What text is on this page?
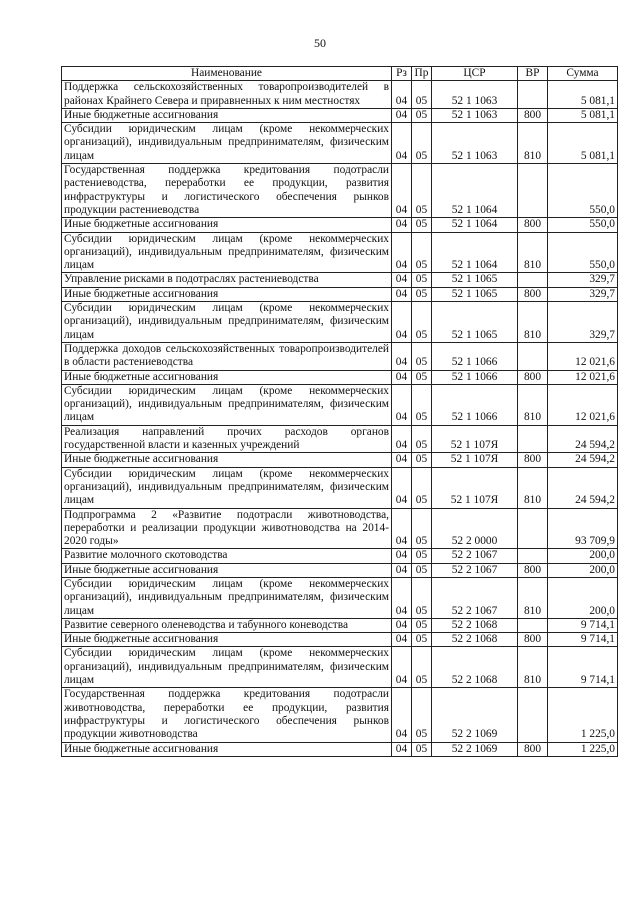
50
Наименование	Рз	Пр	ЦСР	ВР	Сумма
Поддержка сельскохозяйственных товаропроизводителей в районах Крайнего Севера и приравненных к ним местностях	04	05	52 1 1063		5 081,1
Иные бюджетные ассигнования	04	05	52 1 1063	800	5 081,1
Субсидии юридическим лицам (кроме некоммерческих организаций), индивидуальным предпринимателям, физическим лицам	04	05	52 1 1063	810	5 081,1
Государственная поддержка кредитования подотрасли растениеводства, переработки ее продукции, развития инфраструктуры и логистического обеспечения рынков продукции растениеводства	04	05	52 1 1064		550,0
Иные бюджетные ассигнования	04	05	52 1 1064	800	550,0
Субсидии юридическим лицам (кроме некоммерческих организаций), индивидуальным предпринимателям, физическим лицам	04	05	52 1 1064	810	550,0
Управление рисками в подотраслях растениеводства	04	05	52 1 1065		329,7
Иные бюджетные ассигнования	04	05	52 1 1065	800	329,7
Субсидии юридическим лицам (кроме некоммерческих организаций), индивидуальным предпринимателям, физическим лицам	04	05	52 1 1065	810	329,7
Поддержка доходов сельскохозяйственных товаропроизводителей в области растениеводства	04	05	52 1 1066		12 021,6
Иные бюджетные ассигнования	04	05	52 1 1066	800	12 021,6
Субсидии юридическим лицам (кроме некоммерческих организаций), индивидуальным предпринимателям, физическим лицам	04	05	52 1 1066	810	12 021,6
Реализация направлений прочих расходов органов государственной власти и казенных учреждений	04	05	52 1 107Я		24 594,2
Иные бюджетные ассигнования	04	05	52 1 107Я	800	24 594,2
Субсидии юридическим лицам (кроме некоммерческих организаций), индивидуальным предпринимателям, физическим лицам	04	05	52 1 107Я	810	24 594,2
Подпрограмма 2 «Развитие подотрасли животноводства, переработки и реализации продукции животноводства на 2014-2020 годы»	04	05	52 2 0000		93 709,9
Развитие молочного скотоводства	04	05	52 2 1067		200,0
Иные бюджетные ассигнования	04	05	52 2 1067	800	200,0
Субсидии юридическим лицам (кроме некоммерческих организаций), индивидуальным предпринимателям, физическим лицам	04	05	52 2 1067	810	200,0
Развитие северного оленеводства и табунного коневодства	04	05	52 2 1068		9 714,1
Иные бюджетные ассигнования	04	05	52 2 1068	800	9 714,1
Субсидии юридическим лицам (кроме некоммерческих организаций), индивидуальным предпринимателям, физическим лицам	04	05	52 2 1068	810	9 714,1
Государственная поддержка кредитования подотрасли животноводства, переработки ее продукции, развития инфраструктуры и логистического обеспечения рынков продукции животноводства	04	05	52 2 1069		1 225,0
Иные бюджетные ассигнования	04	05	52 2 1069	800	1 225,0
